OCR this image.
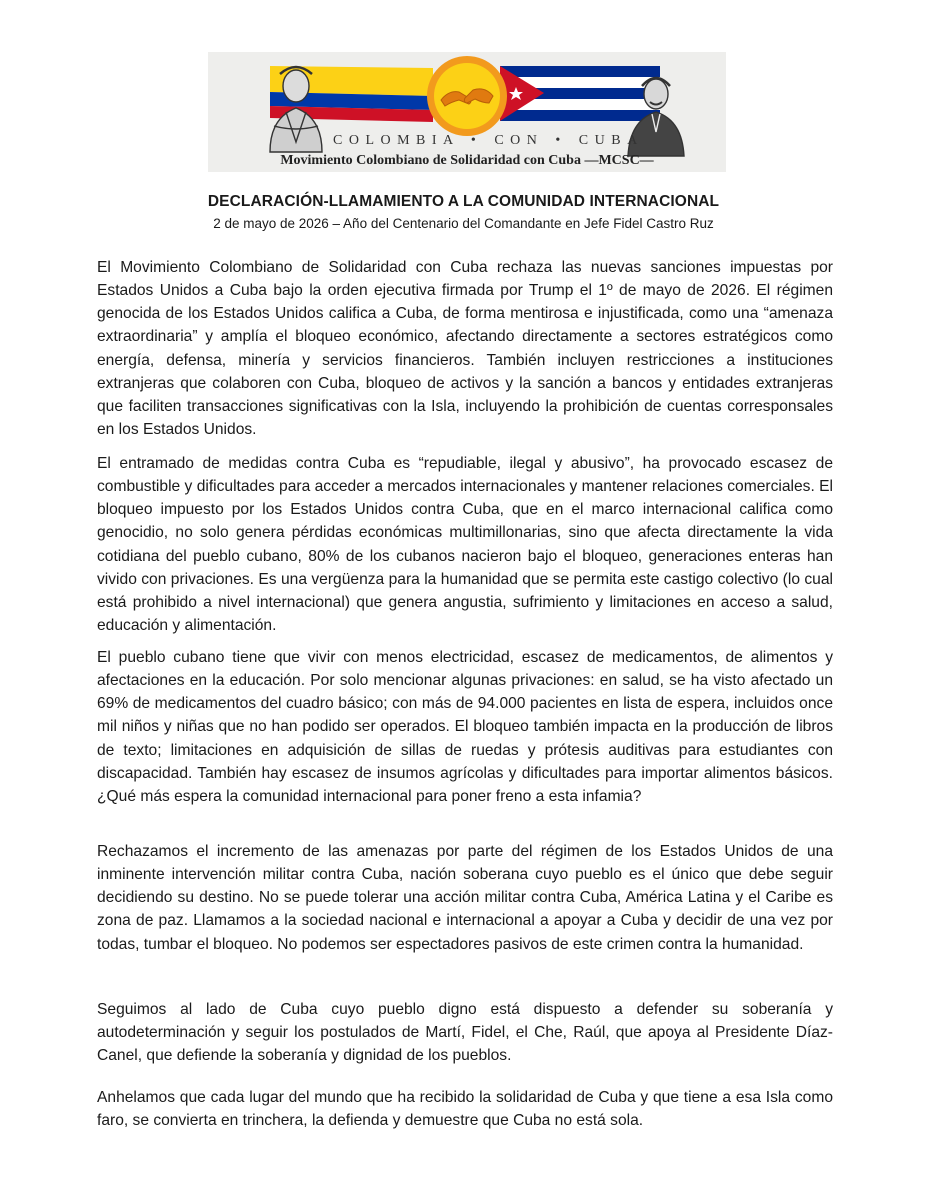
COLOMBIA • CON • CUBA
Movimiento Colombiano de Solidaridad con Cuba —MCSC—
DECLARACIÓN-LLAMAMIENTO A LA COMUNIDAD INTERNACIONAL
2 de mayo de 2026 – Año del Centenario del Comandante en Jefe Fidel Castro Ruz

El Movimiento Colombiano de Solidaridad con Cuba rechaza las nuevas sanciones impuestas por Estados Unidos a Cuba bajo la orden ejecutiva firmada por Trump el 1º de mayo de 2026. El régimen genocida de los Estados Unidos califica a Cuba, de forma mentirosa e injustificada, como una “amenaza extraordinaria” y amplía el bloqueo económico, afectando directamente a sectores estratégicos como energía, defensa, minería y servicios financieros. También incluyen restricciones a instituciones extranjeras que colaboren con Cuba, bloqueo de activos y la sanción a bancos y entidades extranjeras que faciliten transacciones significativas con la Isla, incluyendo la prohibición de cuentas corresponsales en los Estados Unidos.

El entramado de medidas contra Cuba es “repudiable, ilegal y abusivo”, ha provocado escasez de combustible y dificultades para acceder a mercados internacionales y mantener relaciones comerciales. El bloqueo impuesto por los Estados Unidos contra Cuba, que en el marco internacional califica como genocidio, no solo genera pérdidas económicas multimillonarias, sino que afecta directamente la vida cotidiana del pueblo cubano, 80% de los cubanos nacieron bajo el bloqueo, generaciones enteras han vivido con privaciones. Es una vergüenza para la humanidad que se permita este castigo colectivo (lo cual está prohibido a nivel internacional) que genera angustia, sufrimiento y limitaciones en acceso a salud, educación y alimentación.

El pueblo cubano tiene que vivir con menos electricidad, escasez de medicamentos, de alimentos y afectaciones en la educación. Por solo mencionar algunas privaciones: en salud, se ha visto afectado un 69% de medicamentos del cuadro básico; con más de 94.000 pacientes en lista de espera, incluidos once mil niños y niñas que no han podido ser operados. El bloqueo también impacta en la producción de libros de texto; limitaciones en adquisición de sillas de ruedas y prótesis auditivas para estudiantes con discapacidad. También hay escasez de insumos agrícolas y dificultades para importar alimentos básicos. ¿Qué más espera la comunidad internacional para poner freno a esta infamia?

Rechazamos el incremento de las amenazas por parte del régimen de los Estados Unidos de una inminente intervención militar contra Cuba, nación soberana cuyo pueblo es el único que debe seguir decidiendo su destino. No se puede tolerar una acción militar contra Cuba, América Latina y el Caribe es zona de paz. Llamamos a la sociedad nacional e internacional a apoyar a Cuba y decidir de una vez por todas, tumbar el bloqueo. No podemos ser espectadores pasivos de este crimen contra la humanidad.

Seguimos al lado de Cuba cuyo pueblo digno está dispuesto a defender su soberanía y autodeterminación y seguir los postulados de Martí, Fidel, el Che, Raúl, que apoya al Presidente Díaz-Canel, que defiende la soberanía y dignidad de los pueblos.

Anhelamos que cada lugar del mundo que ha recibido la solidaridad de Cuba y que tiene a esa Isla como faro, se convierta en trinchera, la defienda y demuestre que Cuba no está sola.
